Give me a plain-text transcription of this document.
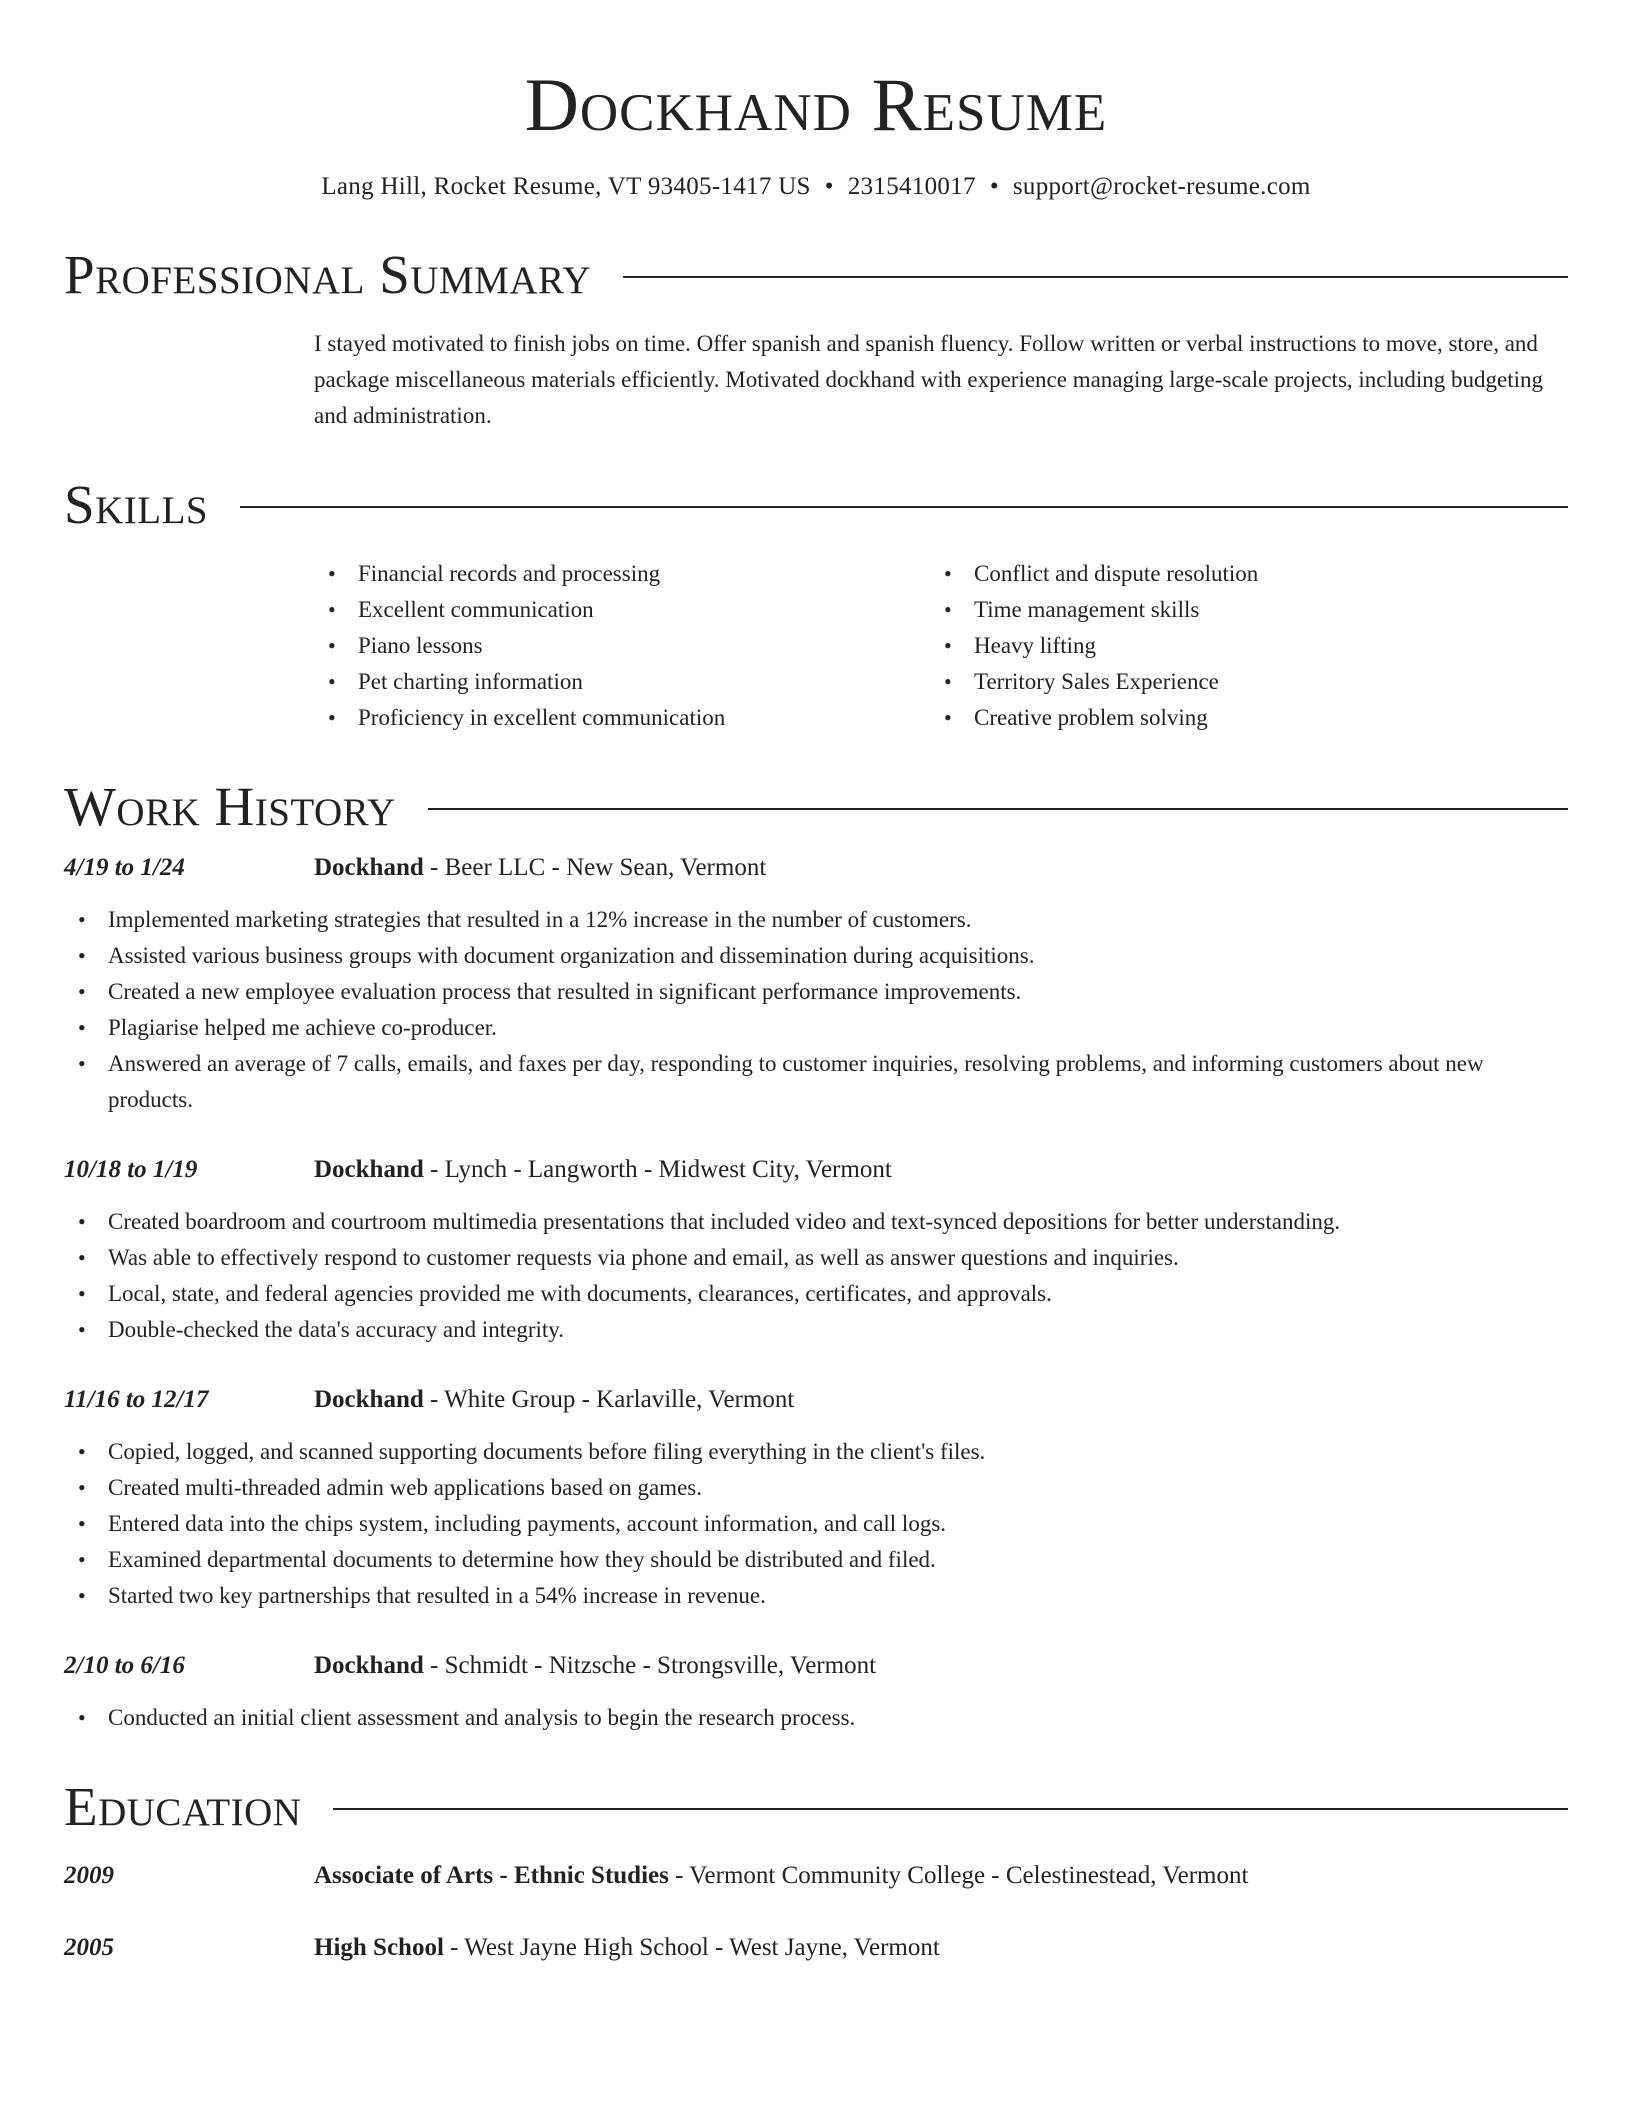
Dockhand Resume
Lang Hill, Rocket Resume, VT 93405-1417 US • 2315410017 • support@rocket-resume.com
Professional Summary
I stayed motivated to finish jobs on time. Offer spanish and spanish fluency. Follow written or verbal instructions to move, store, and package miscellaneous materials efficiently. Motivated dockhand with experience managing large-scale projects, including budgeting and administration.
Skills
• Financial records and processing
• Excellent communication
• Piano lessons
• Pet charting information
• Proficiency in excellent communication
• Conflict and dispute resolution
• Time management skills
• Heavy lifting
• Territory Sales Experience
• Creative problem solving
Work History
4/19 to 1/24	Dockhand - Beer LLC - New Sean, Vermont
• Implemented marketing strategies that resulted in a 12% increase in the number of customers.
• Assisted various business groups with document organization and dissemination during acquisitions.
• Created a new employee evaluation process that resulted in significant performance improvements.
• Plagiarise helped me achieve co-producer.
• Answered an average of 7 calls, emails, and faxes per day, responding to customer inquiries, resolving problems, and informing customers about new products.
10/18 to 1/19	Dockhand - Lynch - Langworth - Midwest City, Vermont
• Created boardroom and courtroom multimedia presentations that included video and text-synced depositions for better understanding.
• Was able to effectively respond to customer requests via phone and email, as well as answer questions and inquiries.
• Local, state, and federal agencies provided me with documents, clearances, certificates, and approvals.
• Double-checked the data's accuracy and integrity.
11/16 to 12/17	Dockhand - White Group - Karlaville, Vermont
• Copied, logged, and scanned supporting documents before filing everything in the client's files.
• Created multi-threaded admin web applications based on games.
• Entered data into the chips system, including payments, account information, and call logs.
• Examined departmental documents to determine how they should be distributed and filed.
• Started two key partnerships that resulted in a 54% increase in revenue.
2/10 to 6/16	Dockhand - Schmidt - Nitzsche - Strongsville, Vermont
• Conducted an initial client assessment and analysis to begin the research process.
Education
2009	Associate of Arts - Ethnic Studies - Vermont Community College - Celestinestead, Vermont
2005	High School - West Jayne High School - West Jayne, Vermont
